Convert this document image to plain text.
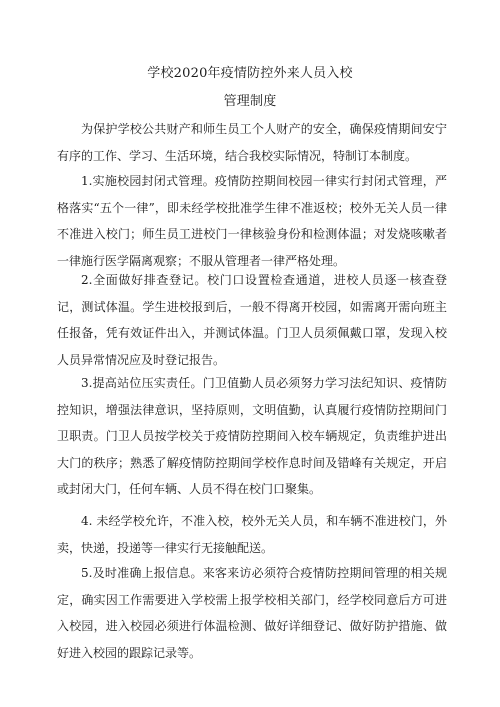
学校2020年疫情防控外来人员入校
管理制度

为保护学校公共财产和师生员工个人财产的安全，确保疫情期间安宁有序的工作、学习、生活环境，结合我校实际情况，特制订本制度。

1.实施校园封闭式管理。疫情防控期间校园一律实行封闭式管理，严格落实“五个一律”，即未经学校批准学生律不准返校；校外无关人员一律不准进入校门；师生员工进校门一律核验身份和检测体温；对发烧咳嗽者一律施行医学隔离观察；不服从管理者一律严格处理。

2.全面做好排查登记。校门口设置检查通道，进校人员逐一核查登记，测试体温。学生进校报到后，一般不得离开校园，如需离开需向班主任报备，凭有效证件出入，并测试体温。门卫人员须佩戴口罩，发现入校人员异常情况应及时登记报告。

3.提高站位压实责任。门卫值勤人员必须努力学习法纪知识、疫情防控知识，增强法律意识，坚持原则，文明值勤，认真履行疫情防控期间门卫职责。门卫人员按学校关于疫情防控期间入校车辆规定，负责维护进出大门的秩序；熟悉了解疫情防控期间学校作息时间及错峰有关规定，开启或封闭大门，任何车辆、人员不得在校门口聚集。

4. 未经学校允许，不准入校，校外无关人员，和车辆不准进校门，外卖，快递，投递等一律实行无接触配送。

5.及时准确上报信息。来客来访必须符合疫情防控期间管理的相关规定，确实因工作需要进入学校需上报学校相关部门，经学校同意后方可进入校园，进入校园必须进行体温检测、做好详细登记、做好防护措施、做好进入校园的跟踪记录等。
